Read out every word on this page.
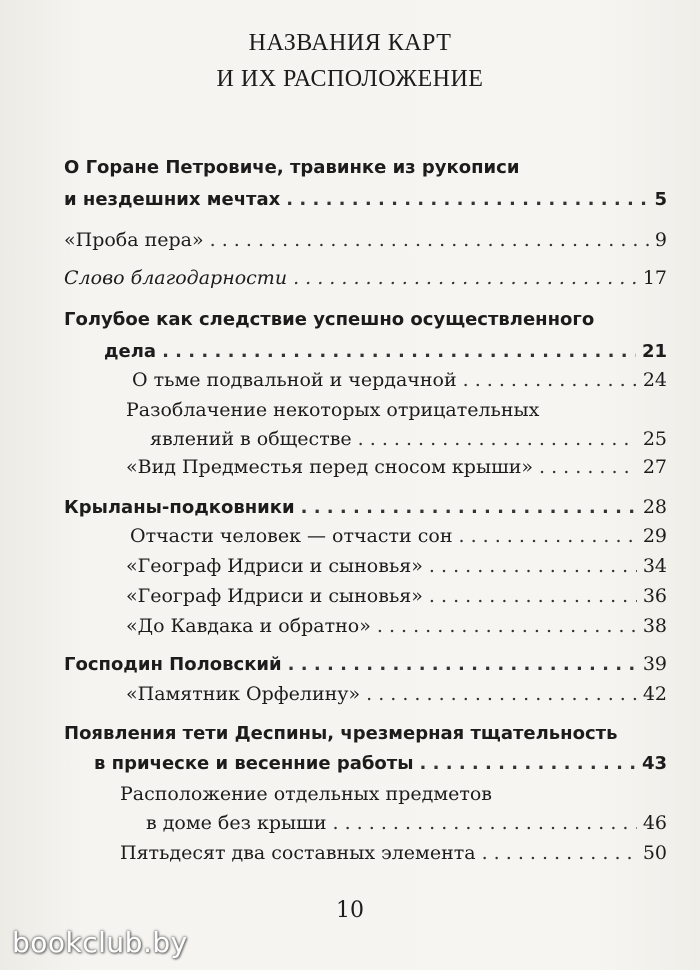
НАЗВАНИЯ КАРТ
И ИХ РАСПОЛОЖЕНИЕ
О Горане Петровиче, травинке из рукописи
и нездешних мечтах . . .	5
«Проба пера» . . .	9
Слово благодарности . . .	17
Голубое как следствие успешно осуществленного
дела . . .	21
О тьме подвальной и чердачной . . .	24
Разоблачение некоторых отрицательных
явлений в обществе . . .	25
«Вид Предместья перед сносом крыши» . . .	27
Крыланы-подковники . . .	28
Отчасти человек — отчасти сон . . .	29
«Географ Идриси и сыновья» . . .	34
«Географ Идриси и сыновья» . . .	36
«До Кавдака и обратно» . . .	38
Господин Половский . . .	39
«Памятник Орфелину» . . .	42
Появления тети Деспины, чрезмерная тщательность
в прическе и весенние работы . . .	43
Расположение отдельных предметов
в доме без крыши . . .	46
Пятьдесят два составных элемента . . .	50
10
bookclub.by
